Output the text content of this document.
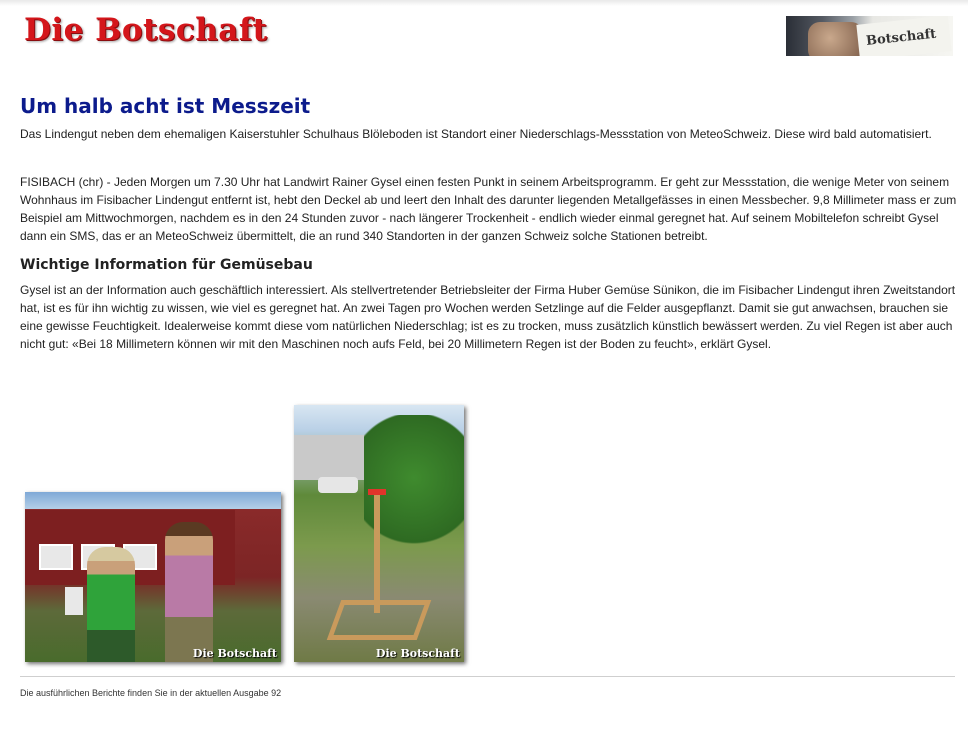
Die Botschaft	Botschaft
Um halb acht ist Messzeit

Das Lindengut neben dem ehemaligen Kaiserstuhler Schulhaus Blöleboden ist Standort einer Niederschlags-Messstation von MeteoSchweiz. Diese wird bald automatisiert.

FISIBACH (chr) - Jeden Morgen um 7.30 Uhr hat Landwirt Rainer Gysel einen festen Punkt in seinem Arbeitsprogramm. Er geht zur Messstation, die wenige Meter von seinem Wohnhaus im Fisibacher Lindengut entfernt ist, hebt den Deckel ab und leert den Inhalt des darunter liegenden Metallgefässes in einen Messbecher. 9,8 Millimeter mass er zum Beispiel am Mittwochmorgen, nachdem es in den 24 Stunden zuvor - nach längerer Trockenheit - endlich wieder einmal geregnet hat. Auf seinem Mobiltelefon schreibt Gysel dann ein SMS, das er an MeteoSchweiz übermittelt, die an rund 340 Standorten in der ganzen Schweiz solche Stationen betreibt.

Wichtige Information für Gemüsebau

Gysel ist an der Information auch geschäftlich interessiert. Als stellvertretender Betriebsleiter der Firma Huber Gemüse Sünikon, die im Fisibacher Lindengut ihren Zweitstandort hat, ist es für ihn wichtig zu wissen, wie viel es geregnet hat. An zwei Tagen pro Wochen werden Setzlinge auf die Felder ausgepflanzt. Damit sie gut anwachsen, brauchen sie eine gewisse Feuchtigkeit. Idealerweise kommt diese vom natürlichen Niederschlag; ist es zu trocken, muss zusätzlich künstlich bewässert werden. Zu viel Regen ist aber auch nicht gut: «Bei 18 Millimetern können wir mit den Maschinen noch aufs Feld, bei 20 Millimetern Regen ist der Boden zu feucht», erklärt Gysel.

Die Botschaft	Die Botschaft
Die ausführlichen Berichte finden Sie in der aktuellen Ausgabe 92
